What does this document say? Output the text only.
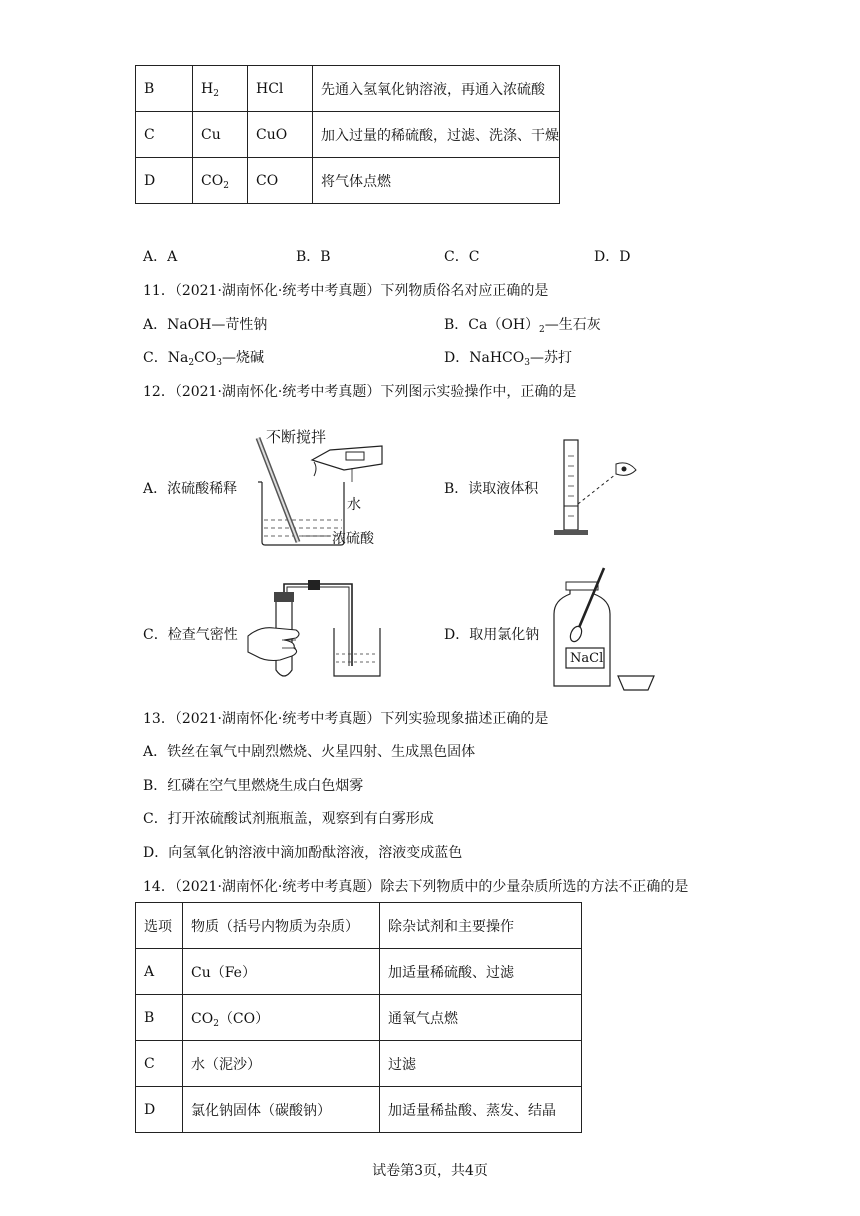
B	$H_2$	HCl	先通入氢氧化钠溶液，再通入浓硫酸
C	Cu	CuO	加入过量的稀硫酸，过滤、洗涤、干燥
D	$CO_2$	CO	将气体点燃
A．A	B．B	C．C	D．D
11．（2021·湖南怀化·统考中考真题）下列物质俗名对应正确的是
A．NaOH—苛性钠	B．$Ca(OH)_2—$生石灰
C．$Na_2CO_3—$烧碱	D．NaHCO$_3$—苏打
12．（2021·湖南怀化·统考中考真题）下列图示实验操作中，正确的是
A．浓硫酸稀释
不断搅拌
水
浓硫酸
B．读取液体积
C．检查气密性	D．取用氯化钠
NaCl
13．（2021·湖南怀化·统考中考真题）下列实验现象描述正确的是
A．铁丝在氧气中剧烈燃烧、火星四射、生成黑色固体
B．红磷在空气里燃烧生成白色烟雾
C．打开浓硫酸试剂瓶瓶盖，观察到有白雾形成
D．向氢氧化钠溶液中滴加酚酞溶液，溶液变成蓝色
14．（2021·湖南怀化·统考中考真题）除去下列物质中的少量杂质所选的方法不正确的是
选项	物质（括号内物质为杂质）	除杂试剂和主要操作
A	Cu（Fe）	加适量稀硫酸、过滤
B	$CO_2(CO)$	通氧气点燃
C	水（泥沙）	过滤
D	氯化钠固体（碳酸钠）	加适量稀盐酸、蒸发、结晶
试卷第3页，共4页
